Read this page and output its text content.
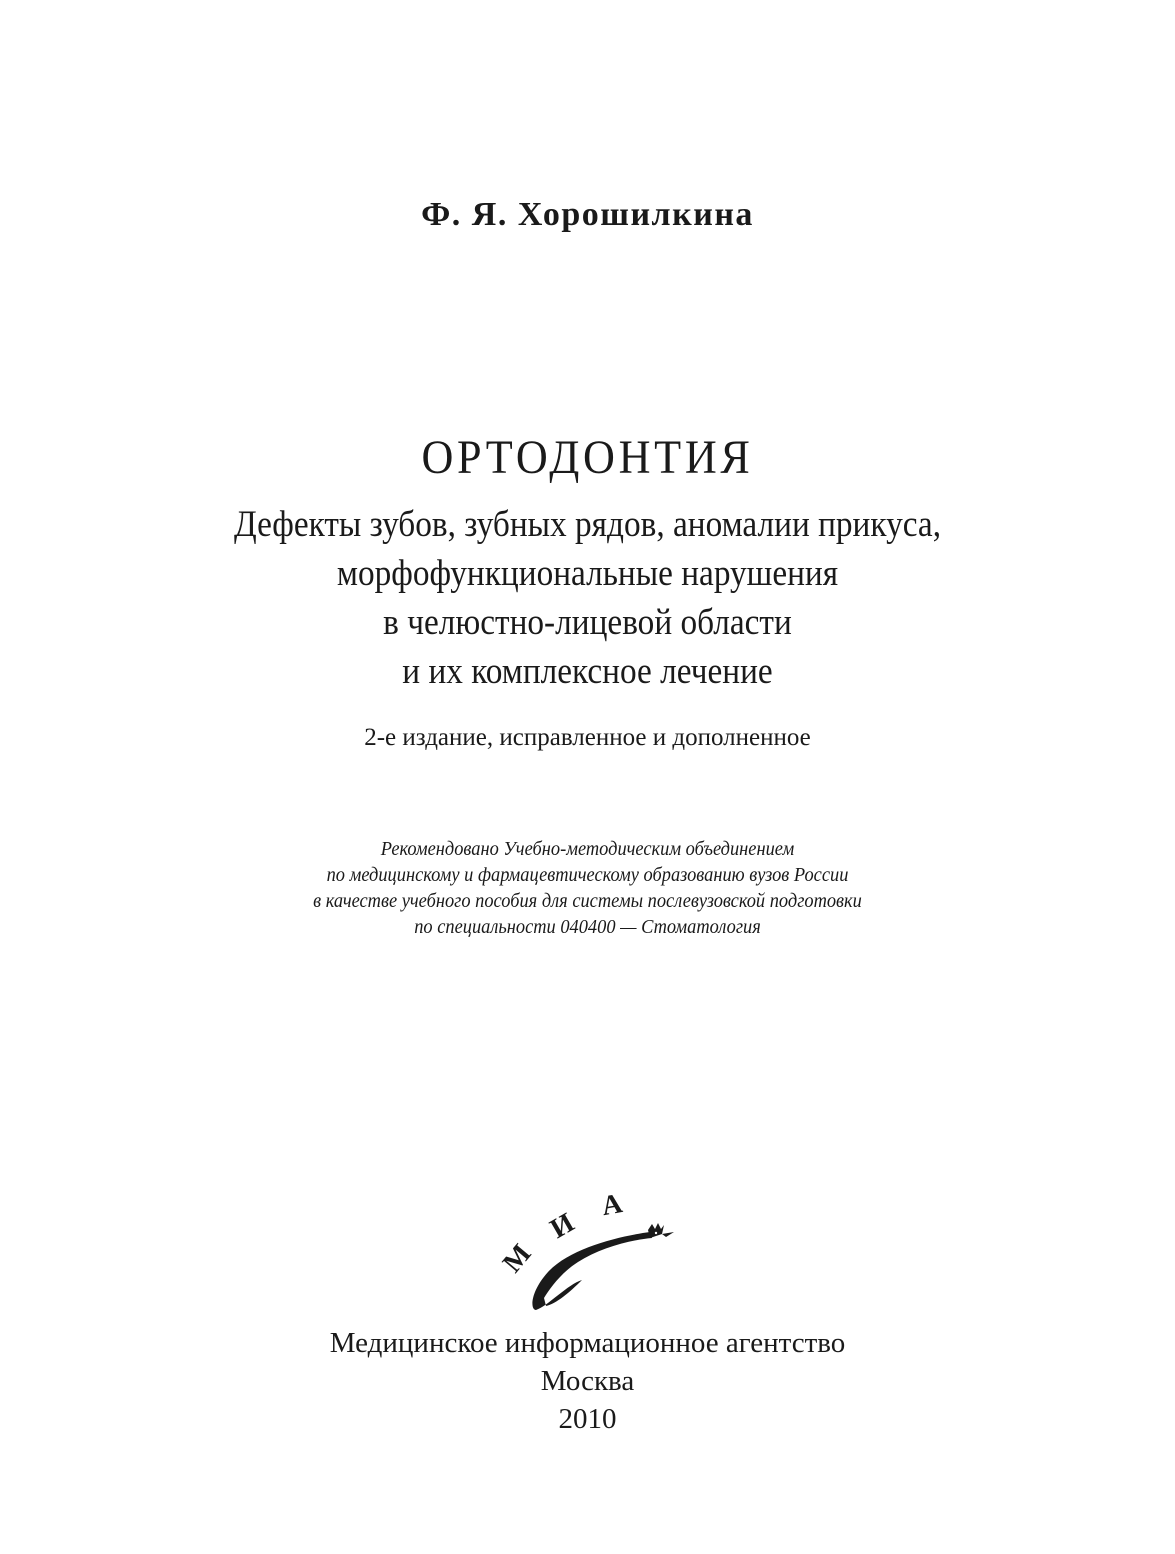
Ф. Я. Хорошилкина
ОРТОДОНТИЯ
Дефекты зубов, зубных рядов, аномалии прикуса,
морфофункциональные нарушения
в челюстно-лицевой области
и их комплексное лечение
2-е издание, исправленное и дополненное
Рекомендовано Учебно-методическим объединением
по медицинскому и фармацевтическому образованию вузов России
в качестве учебного пособия для системы послевузовской подготовки
по специальности 040400 — Стоматология
М
И
А
Медицинское информационное агентство
Москва
2010
